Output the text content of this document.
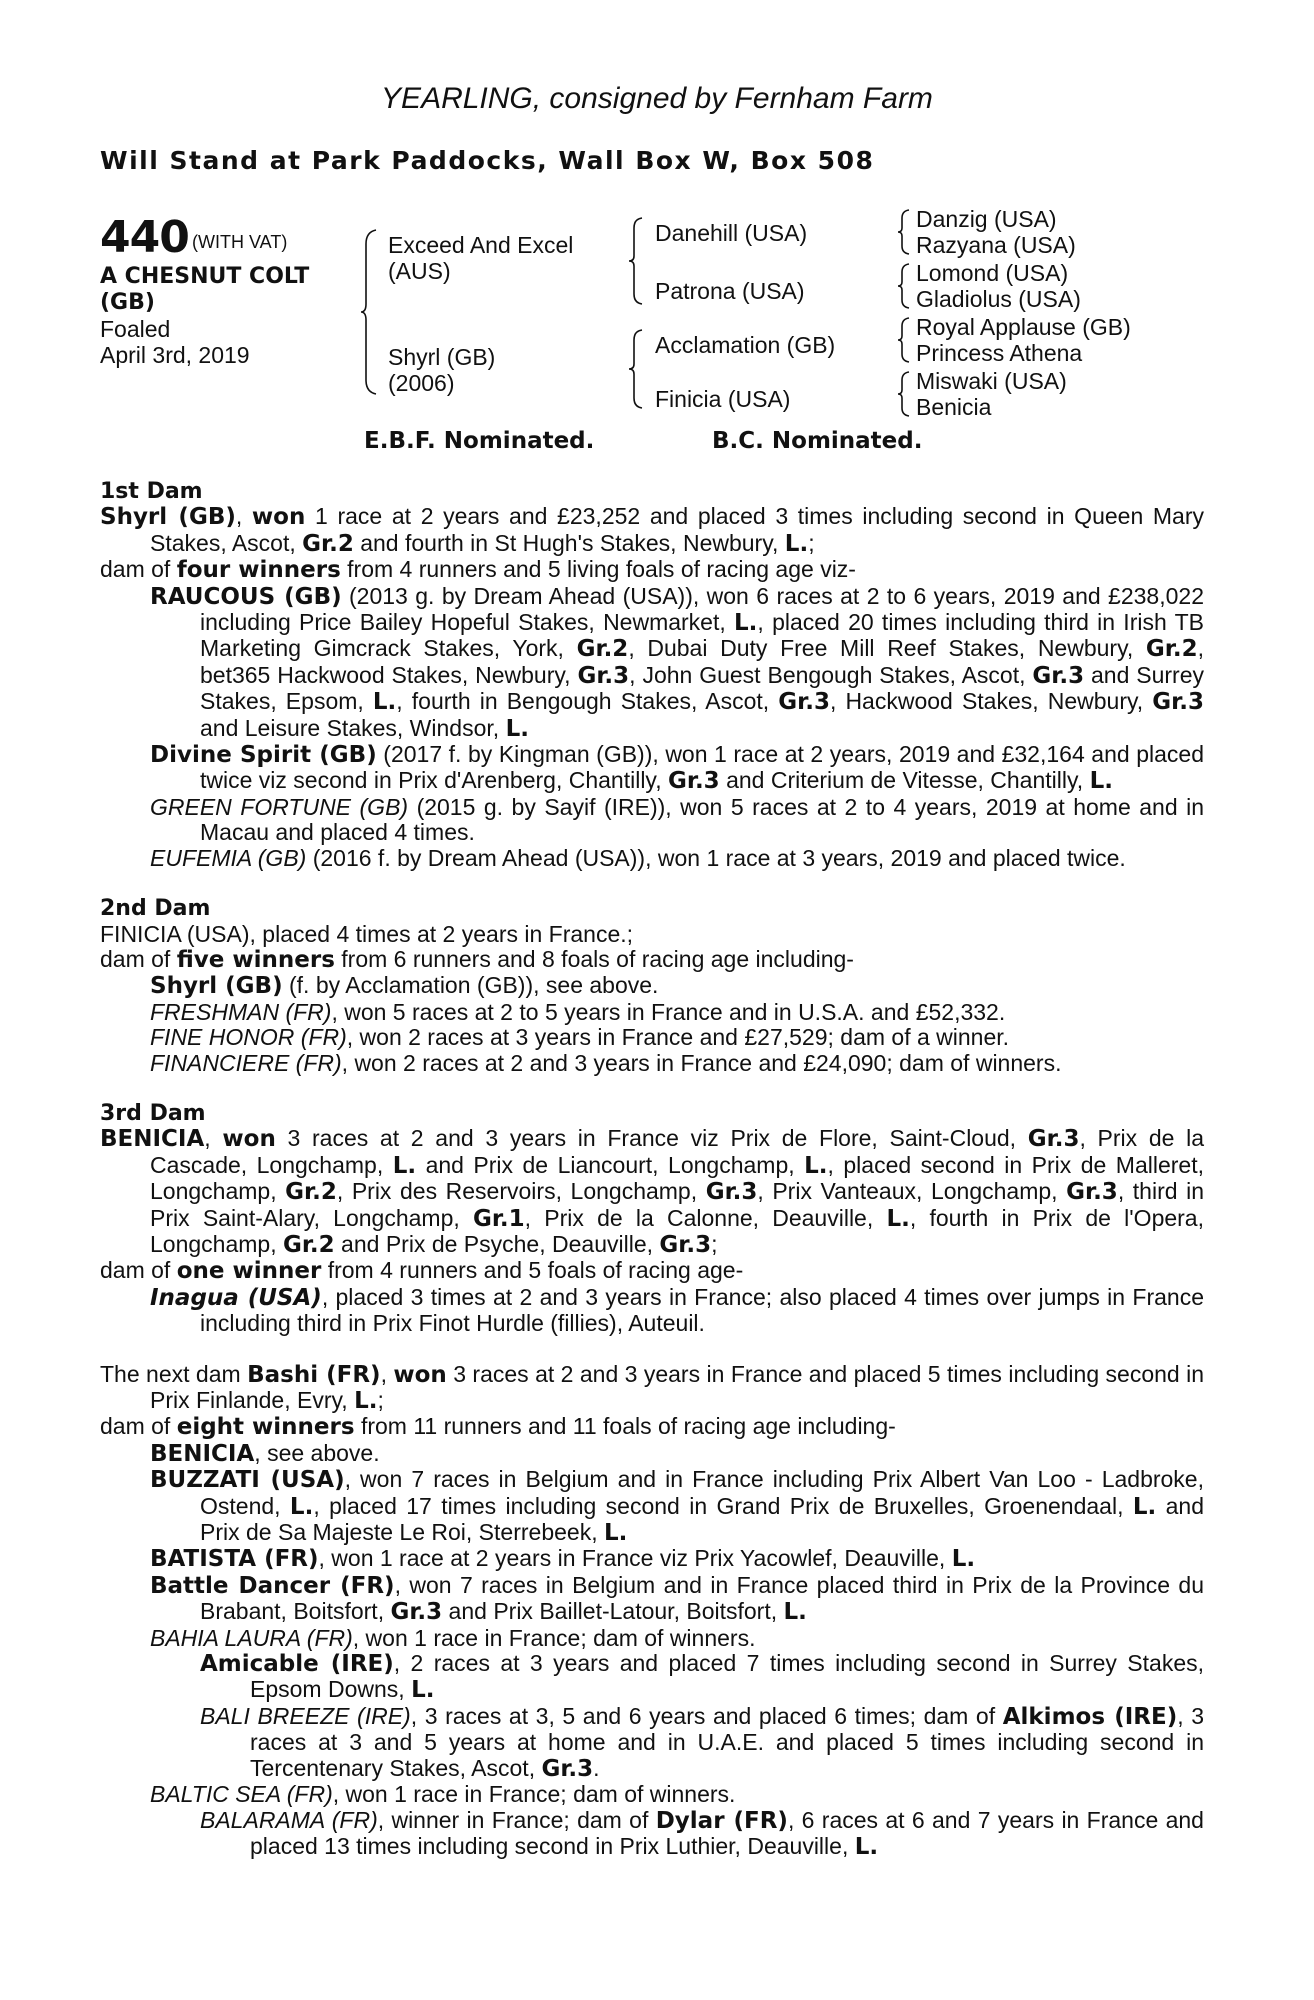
YEARLING, consigned by Fernham Farm
Will Stand at Park Paddocks, Wall Box W, Box 508
440 (WITH VAT)
A CHESNUT COLT
(GB)
Foaled
April 3rd, 2019
Exceed And Excel
(AUS)
Shyrl (GB)
(2006)
Danehill (USA)
Patrona (USA)
Acclamation (GB)
Finicia (USA)
Danzig (USA)
Razyana (USA)
Lomond (USA)
Gladiolus (USA)
Royal Applause (GB)
Princess Athena
Miswaki (USA)
Benicia
E.B.F. Nominated.	B.C. Nominated.
1st Dam

Shyrl (GB), won 1 race at 2 years and £23,252 and placed 3 times including second in Queen Mary Stakes, Ascot, Gr.2 and fourth in St Hugh's Stakes, Newbury, L.;

dam of four winners from 4 runners and 5 living foals of racing age viz-

RAUCOUS (GB) (2013 g. by Dream Ahead (USA)), won 6 races at 2 to 6 years, 2019 and £238,022 including Price Bailey Hopeful Stakes, Newmarket, L., placed 20 times including third in Irish TB Marketing Gimcrack Stakes, York, Gr.2, Dubai Duty Free Mill Reef Stakes, Newbury, Gr.2, bet365 Hackwood Stakes, Newbury, Gr.3, John Guest Bengough Stakes, Ascot, Gr.3 and Surrey Stakes, Epsom, L., fourth in Bengough Stakes, Ascot, Gr.3, Hackwood Stakes, Newbury, Gr.3 and Leisure Stakes, Windsor, L.

Divine Spirit (GB) (2017 f. by Kingman (GB)), won 1 race at 2 years, 2019 and £32,164 and placed twice viz second in Prix d'Arenberg, Chantilly, Gr.3 and Criterium de Vitesse, Chantilly, L.

GREEN FORTUNE (GB) (2015 g. by Sayif (IRE)), won 5 races at 2 to 4 years, 2019 at home and in Macau and placed 4 times.

EUFEMIA (GB) (2016 f. by Dream Ahead (USA)), won 1 race at 3 years, 2019 and placed twice.

2nd Dam

FINICIA (USA), placed 4 times at 2 years in France.;

dam of five winners from 6 runners and 8 foals of racing age including-

Shyrl (GB) (f. by Acclamation (GB)), see above.

FRESHMAN (FR), won 5 races at 2 to 5 years in France and in U.S.A. and £52,332.

FINE HONOR (FR), won 2 races at 3 years in France and £27,529; dam of a winner.

FINANCIERE (FR), won 2 races at 2 and 3 years in France and £24,090; dam of winners.

3rd Dam

BENICIA, won 3 races at 2 and 3 years in France viz Prix de Flore, Saint-Cloud, Gr.3, Prix de la Cascade, Longchamp, L. and Prix de Liancourt, Longchamp, L., placed second in Prix de Malleret, Longchamp, Gr.2, Prix des Reservoirs, Longchamp, Gr.3, Prix Vanteaux, Longchamp, Gr.3, third in Prix Saint-Alary, Longchamp, Gr.1, Prix de la Calonne, Deauville, L., fourth in Prix de l'Opera, Longchamp, Gr.2 and Prix de Psyche, Deauville, Gr.3;

dam of one winner from 4 runners and 5 foals of racing age-

Inagua (USA), placed 3 times at 2 and 3 years in France; also placed 4 times over jumps in France including third in Prix Finot Hurdle (fillies), Auteuil.

The next dam Bashi (FR), won 3 races at 2 and 3 years in France and placed 5 times including second in Prix Finlande, Evry, L.;

dam of eight winners from 11 runners and 11 foals of racing age including-

BENICIA, see above.

BUZZATI (USA), won 7 races in Belgium and in France including Prix Albert Van Loo - Ladbroke, Ostend, L., placed 17 times including second in Grand Prix de Bruxelles, Groenendaal, L. and Prix de Sa Majeste Le Roi, Sterrebeek, L.

BATISTA (FR), won 1 race at 2 years in France viz Prix Yacowlef, Deauville, L.

Battle Dancer (FR), won 7 races in Belgium and in France placed third in Prix de la Province du Brabant, Boitsfort, Gr.3 and Prix Baillet-Latour, Boitsfort, L.

BAHIA LAURA (FR), won 1 race in France; dam of winners.

Amicable (IRE), 2 races at 3 years and placed 7 times including second in Surrey Stakes, Epsom Downs, L.

BALI BREEZE (IRE), 3 races at 3, 5 and 6 years and placed 6 times; dam of Alkimos (IRE), 3 races at 3 and 5 years at home and in U.A.E. and placed 5 times including second in Tercentenary Stakes, Ascot, Gr.3.

BALTIC SEA (FR), won 1 race in France; dam of winners.

BALARAMA (FR), winner in France; dam of Dylar (FR), 6 races at 6 and 7 years in France and placed 13 times including second in Prix Luthier, Deauville, L.
